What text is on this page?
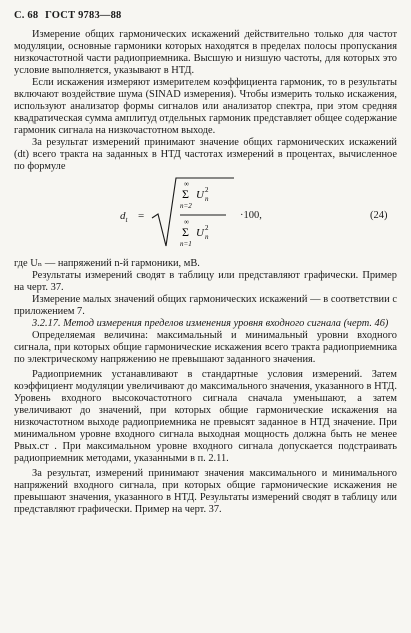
С. 68 ГОСТ 9783—88

Измерение общих гармонических искажений действительно только для частот модуляции, основные гармоники которых находятся в пределах полосы пропускания низкочастотной части радиоприемника. Высшую и низшую частоты, для которых это условие выполняется, указывают в НТД.

Если искажения измеряют измерителем коэффициента гармоник, то в результаты включают воздействие шума (SINAD измерения). Чтобы измерить только искажения, используют анализатор формы сигналов или анализатор спектра, при этом средняя квадратическая сумма амплитуд отдельных гармоник представляет общее содержание гармоник сигнала на низкочастотном выходе.

За результат измерений принимают значение общих гармонических искажений (dt) всего тракта на заданных в НТД частотах измерений в процентах, вычисленное по формуле

$d_t$ =
∞
Σ
n=2
U 2
n
∞
Σ
n=1
U 2
n
·100,	(24)

где Uₙ — напряжений n-й гармоники, мВ.

Результаты измерений сводят в таблицу или представляют графически. Пример на черт. 37.

Измерение малых значений общих гармонических искажений — в соответствии с приложением 7.

3.2.17. Метод измерения пределов изменения уровня входного сигнала (черт. 46)

Определяемая величина: максимальный и минимальный уровни входного сигнала, при которых общие гармонические искажения всего тракта радиоприемника по электрическому напряжению не превышают заданного значения.

Радиоприемник устанавливают в стандартные условия измерений. Затем коэффициент модуляции увеличивают до максимального значения, указанного в НТД. Уровень входного высокочастотного сигнала сначала уменьшают, а затем увеличивают до значений, при которых общие гармонические искажения на низкочастотном выходе радиоприемника не превысят заданное в НТД значение. При минимальном уровне входного сигнала выходная мощность должна быть не менее Pвых.ст . При максимальном уровне входного сигнала допускается подстраивать радиоприемник методами, указанными в п. 2.11.

За результат, измерений принимают значения максимального и минимального напряжений входного сигнала, при которых общие гармонические искажения не превышают значения, указанного в НТД. Результаты измерений сводят в таблицу или представляют графически. Пример на черт. 37.
